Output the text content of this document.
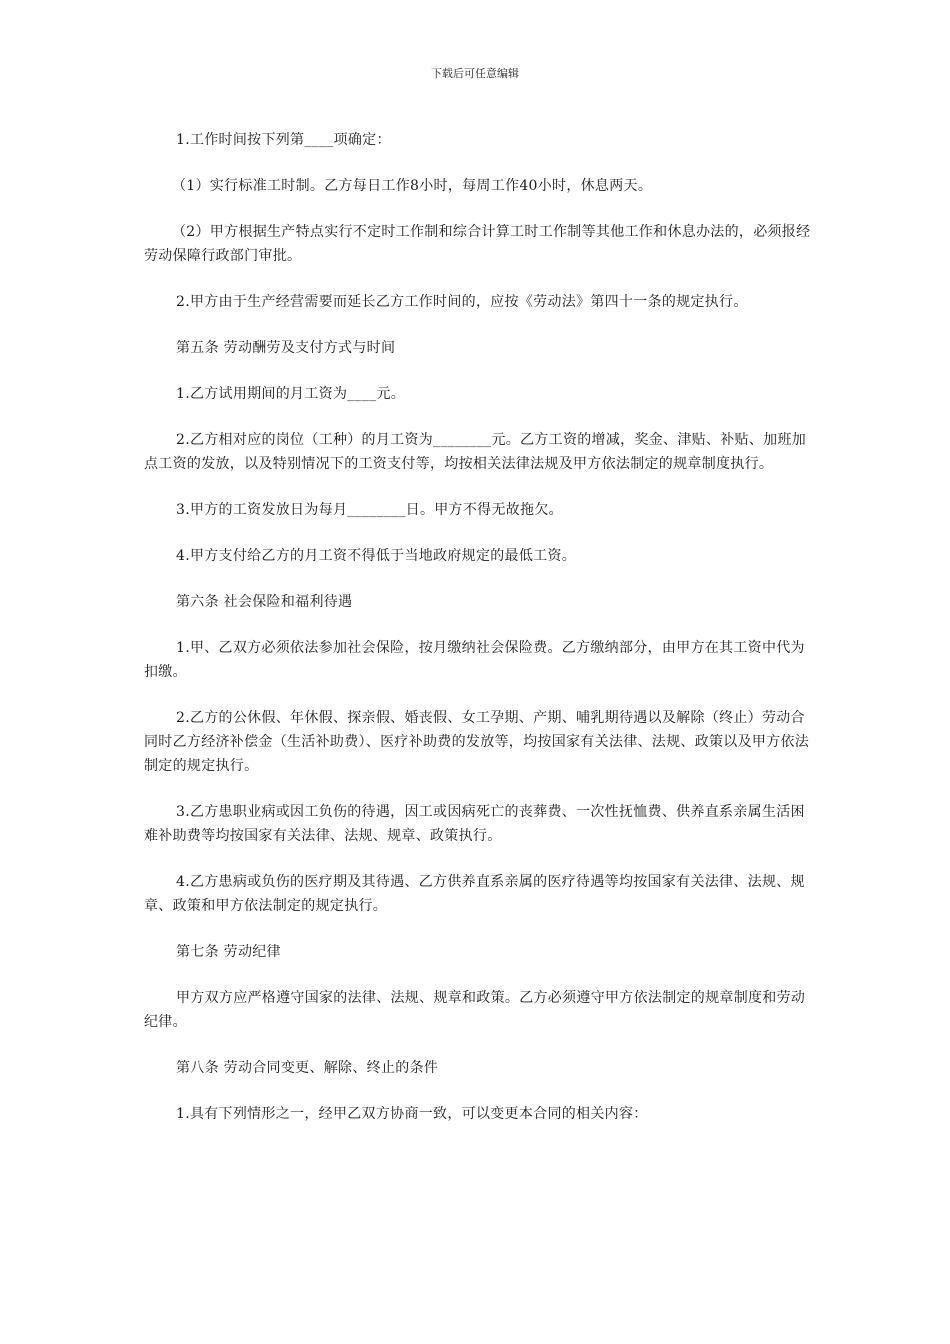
下载后可任意编辑

1.工作时间按下列第____项确定：

（1）实行标准工时制。乙方每日工作8小时，每周工作40小时，休息两天。

（2）甲方根据生产特点实行不定时工作制和综合计算工时工作制等其他工作和休息办法的，必须报经劳动保障行政部门审批。

2.甲方由于生产经营需要而延长乙方工作时间的，应按《劳动法》第四十一条的规定执行。

第五条 劳动酬劳及支付方式与时间

1.乙方试用期间的月工资为____元。

2.乙方相对应的岗位（工种）的月工资为________元。乙方工资的增减，奖金、津贴、补贴、加班加点工资的发放，以及特别情况下的工资支付等，均按相关法律法规及甲方依法制定的规章制度执行。

3.甲方的工资发放日为每月________日。甲方不得无故拖欠。

4.甲方支付给乙方的月工资不得低于当地政府规定的最低工资。

第六条 社会保险和福利待遇

1.甲、乙双方必须依法参加社会保险，按月缴纳社会保险费。乙方缴纳部分，由甲方在其工资中代为扣缴。

2.乙方的公休假、年休假、探亲假、婚丧假、女工孕期、产期、哺乳期待遇以及解除（终止）劳动合同时乙方经济补偿金（生活补助费）、医疗补助费的发放等，均按国家有关法律、法规、政策以及甲方依法制定的规定执行。

3.乙方患职业病或因工负伤的待遇，因工或因病死亡的丧葬费、一次性抚恤费、供养直系亲属生活困难补助费等均按国家有关法律、法规、规章、政策执行。

4.乙方患病或负伤的医疗期及其待遇、乙方供养直系亲属的医疗待遇等均按国家有关法律、法规、规章、政策和甲方依法制定的规定执行。

第七条 劳动纪律

甲方双方应严格遵守国家的法律、法规、规章和政策。乙方必须遵守甲方依法制定的规章制度和劳动纪律。

第八条 劳动合同变更、解除、终止的条件

1.具有下列情形之一，经甲乙双方协商一致，可以变更本合同的相关内容：
